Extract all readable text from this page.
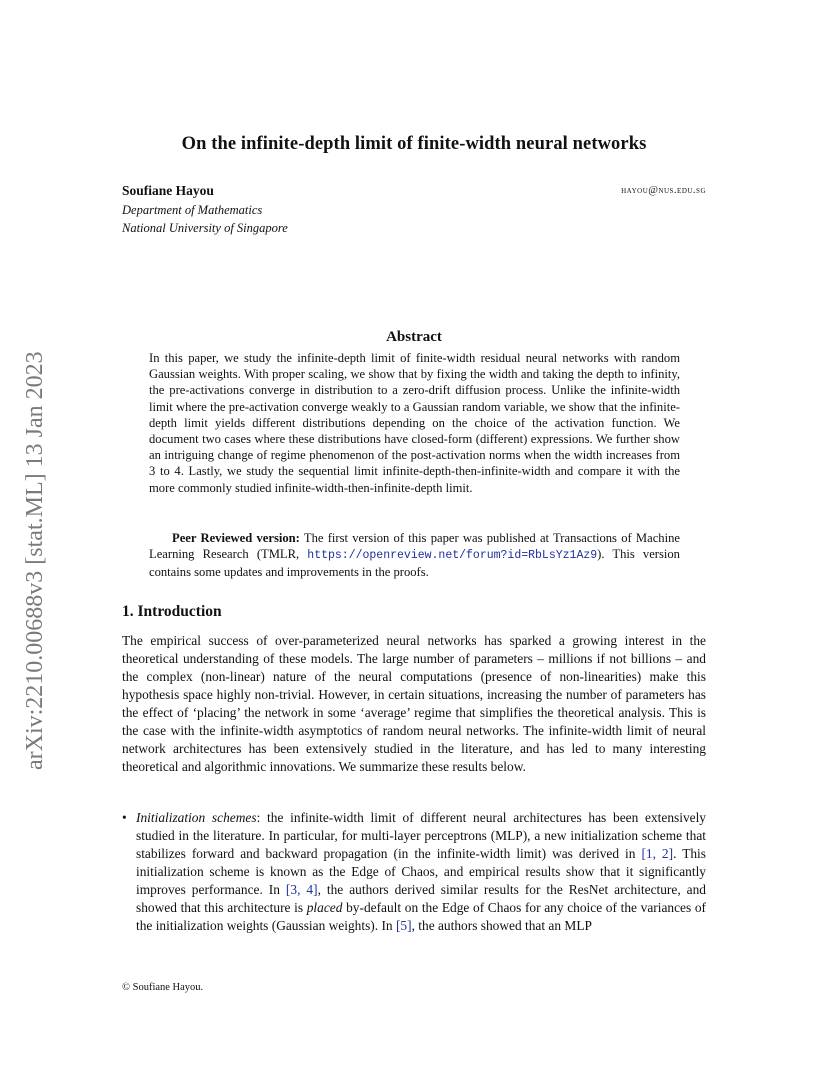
arXiv:2210.00688v3 [stat.ML] 13 Jan 2023
On the infinite-depth limit of finite-width neural networks
Soufiane Hayou	hayou@nus.edu.sg
Department of Mathematics
National University of Singapore
Abstract
In this paper, we study the infinite-depth limit of finite-width residual neural networks with random Gaussian weights. With proper scaling, we show that by fixing the width and taking the depth to infinity, the pre-activations converge in distribution to a zero-drift diffusion process. Unlike the infinite-width limit where the pre-activation converge weakly to a Gaussian random variable, we show that the infinite-depth limit yields different distributions depending on the choice of the activation function. We document two cases where these distributions have closed-form (different) expressions. We further show an intriguing change of regime phenomenon of the post-activation norms when the width increases from 3 to 4. Lastly, we study the sequential limit infinite-depth-then-infinite-width and compare it with the more commonly studied infinite-width-then-infinite-depth limit.

Peer Reviewed version: The first version of this paper was published at Transactions of Machine Learning Research (TMLR, https://openreview.net/forum?id=RbLsYz1Az9). This version contains some updates and improvements in the proofs.

1. Introduction
The empirical success of over-parameterized neural networks has sparked a growing interest in the theoretical understanding of these models. The large number of parameters – millions if not billions – and the complex (non-linear) nature of the neural computations (presence of non-linearities) make this hypothesis space highly non-trivial. However, in certain situations, increasing the number of parameters has the effect of ‘placing’ the network in some ‘average’ regime that simplifies the theoretical analysis. This is the case with the infinite-width asymptotics of random neural networks. The infinite-width limit of neural network architectures has been extensively studied in the literature, and has led to many interesting theoretical and algorithmic innovations. We summarize these results below.
• Initialization schemes: the infinite-width limit of different neural architectures has been extensively studied in the literature. In particular, for multi-layer perceptrons (MLP), a new initialization scheme that stabilizes forward and backward propagation (in the infinite-width limit) was derived in [1, 2]. This initialization scheme is known as the Edge of Chaos, and empirical results show that it significantly improves performance. In [3, 4], the authors derived similar results for the ResNet architecture, and showed that this architecture is placed by-default on the Edge of Chaos for any choice of the variances of the initialization weights (Gaussian weights). In [5], the authors showed that an MLP
© Soufiane Hayou.
